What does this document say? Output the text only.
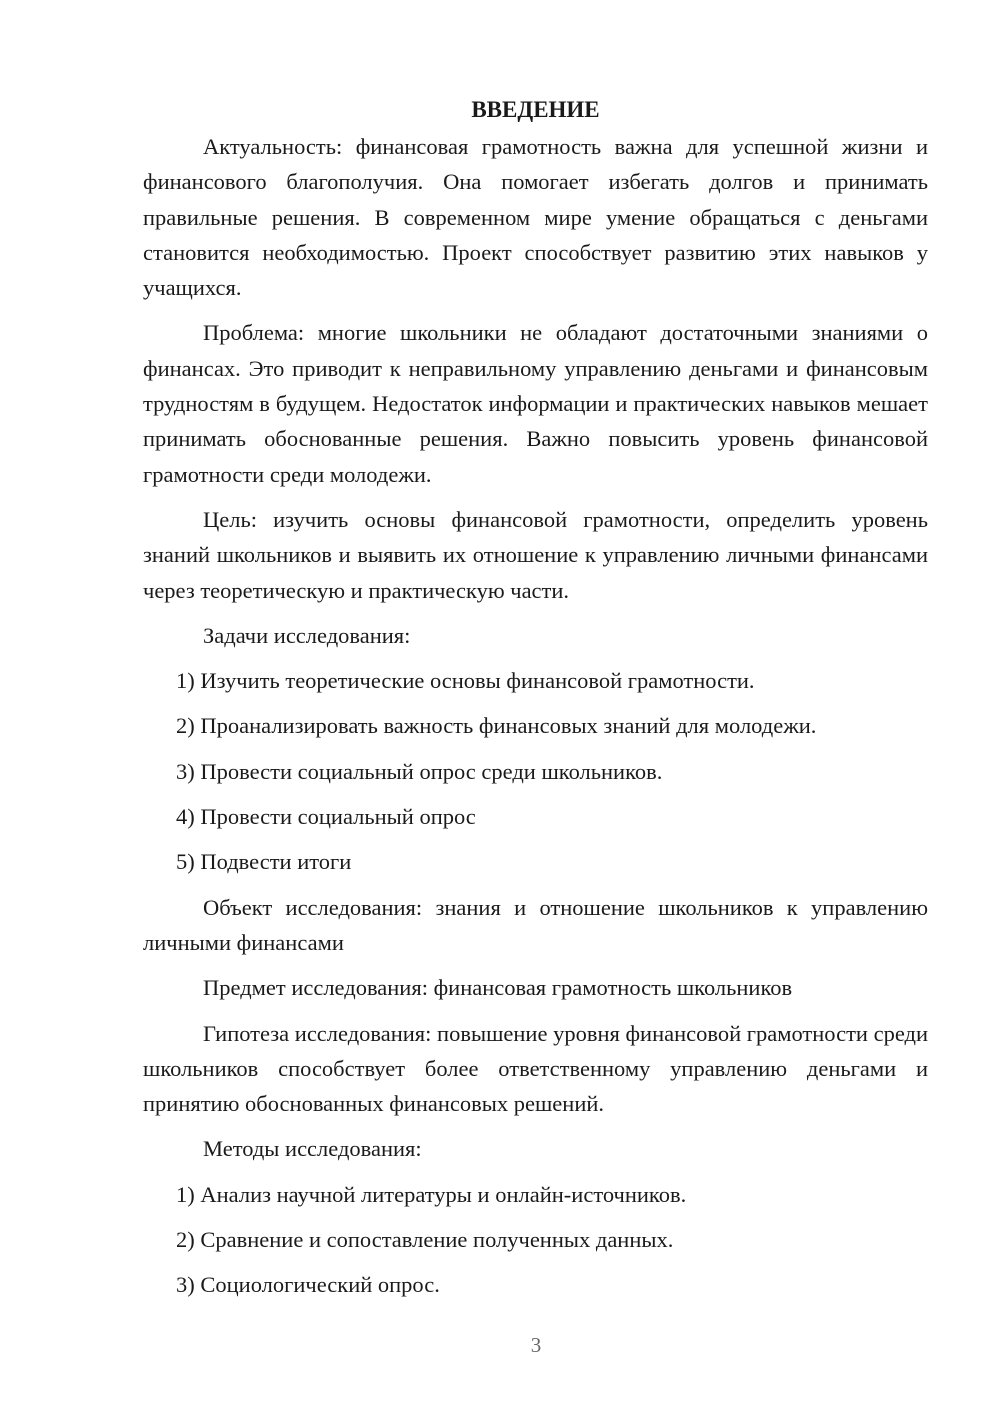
ВВЕДЕНИЕ

Актуальность: финансовая грамотность важна для успешной жизни и финансового благополучия. Она помогает избегать долгов и принимать правильные решения. В современном мире умение обращаться с деньгами становится необходимостью. Проект способствует развитию этих навыков у учащихся.

Проблема: многие школьники не обладают достаточными знаниями о финансах. Это приводит к неправильному управлению деньгами и финансовым трудностям в будущем. Недостаток информации и практических навыков мешает принимать обоснованные решения. Важно повысить уровень финансовой грамотности среди молодежи.

Цель: изучить основы финансовой грамотности, определить уровень знаний школьников и выявить их отношение к управлению личными финансами через теоретическую и практическую части.

Задачи исследования:

1) Изучить теоретические основы финансовой грамотности.
2) Проанализировать важность финансовых знаний для молодежи.
3) Провести социальный опрос среди школьников.
4) Провести социальный опрос
5) Подвести итоги

Объект исследования: знания и отношение школьников к управлению личными финансами

Предмет исследования: финансовая грамотность школьников

Гипотеза исследования: повышение уровня финансовой грамотности среди школьников способствует более ответственному управлению деньгами и принятию обоснованных финансовых решений.

Методы исследования:

1) Анализ научной литературы и онлайн-источников.
2) Сравнение и сопоставление полученных данных.
3) Социологический опрос.
3
